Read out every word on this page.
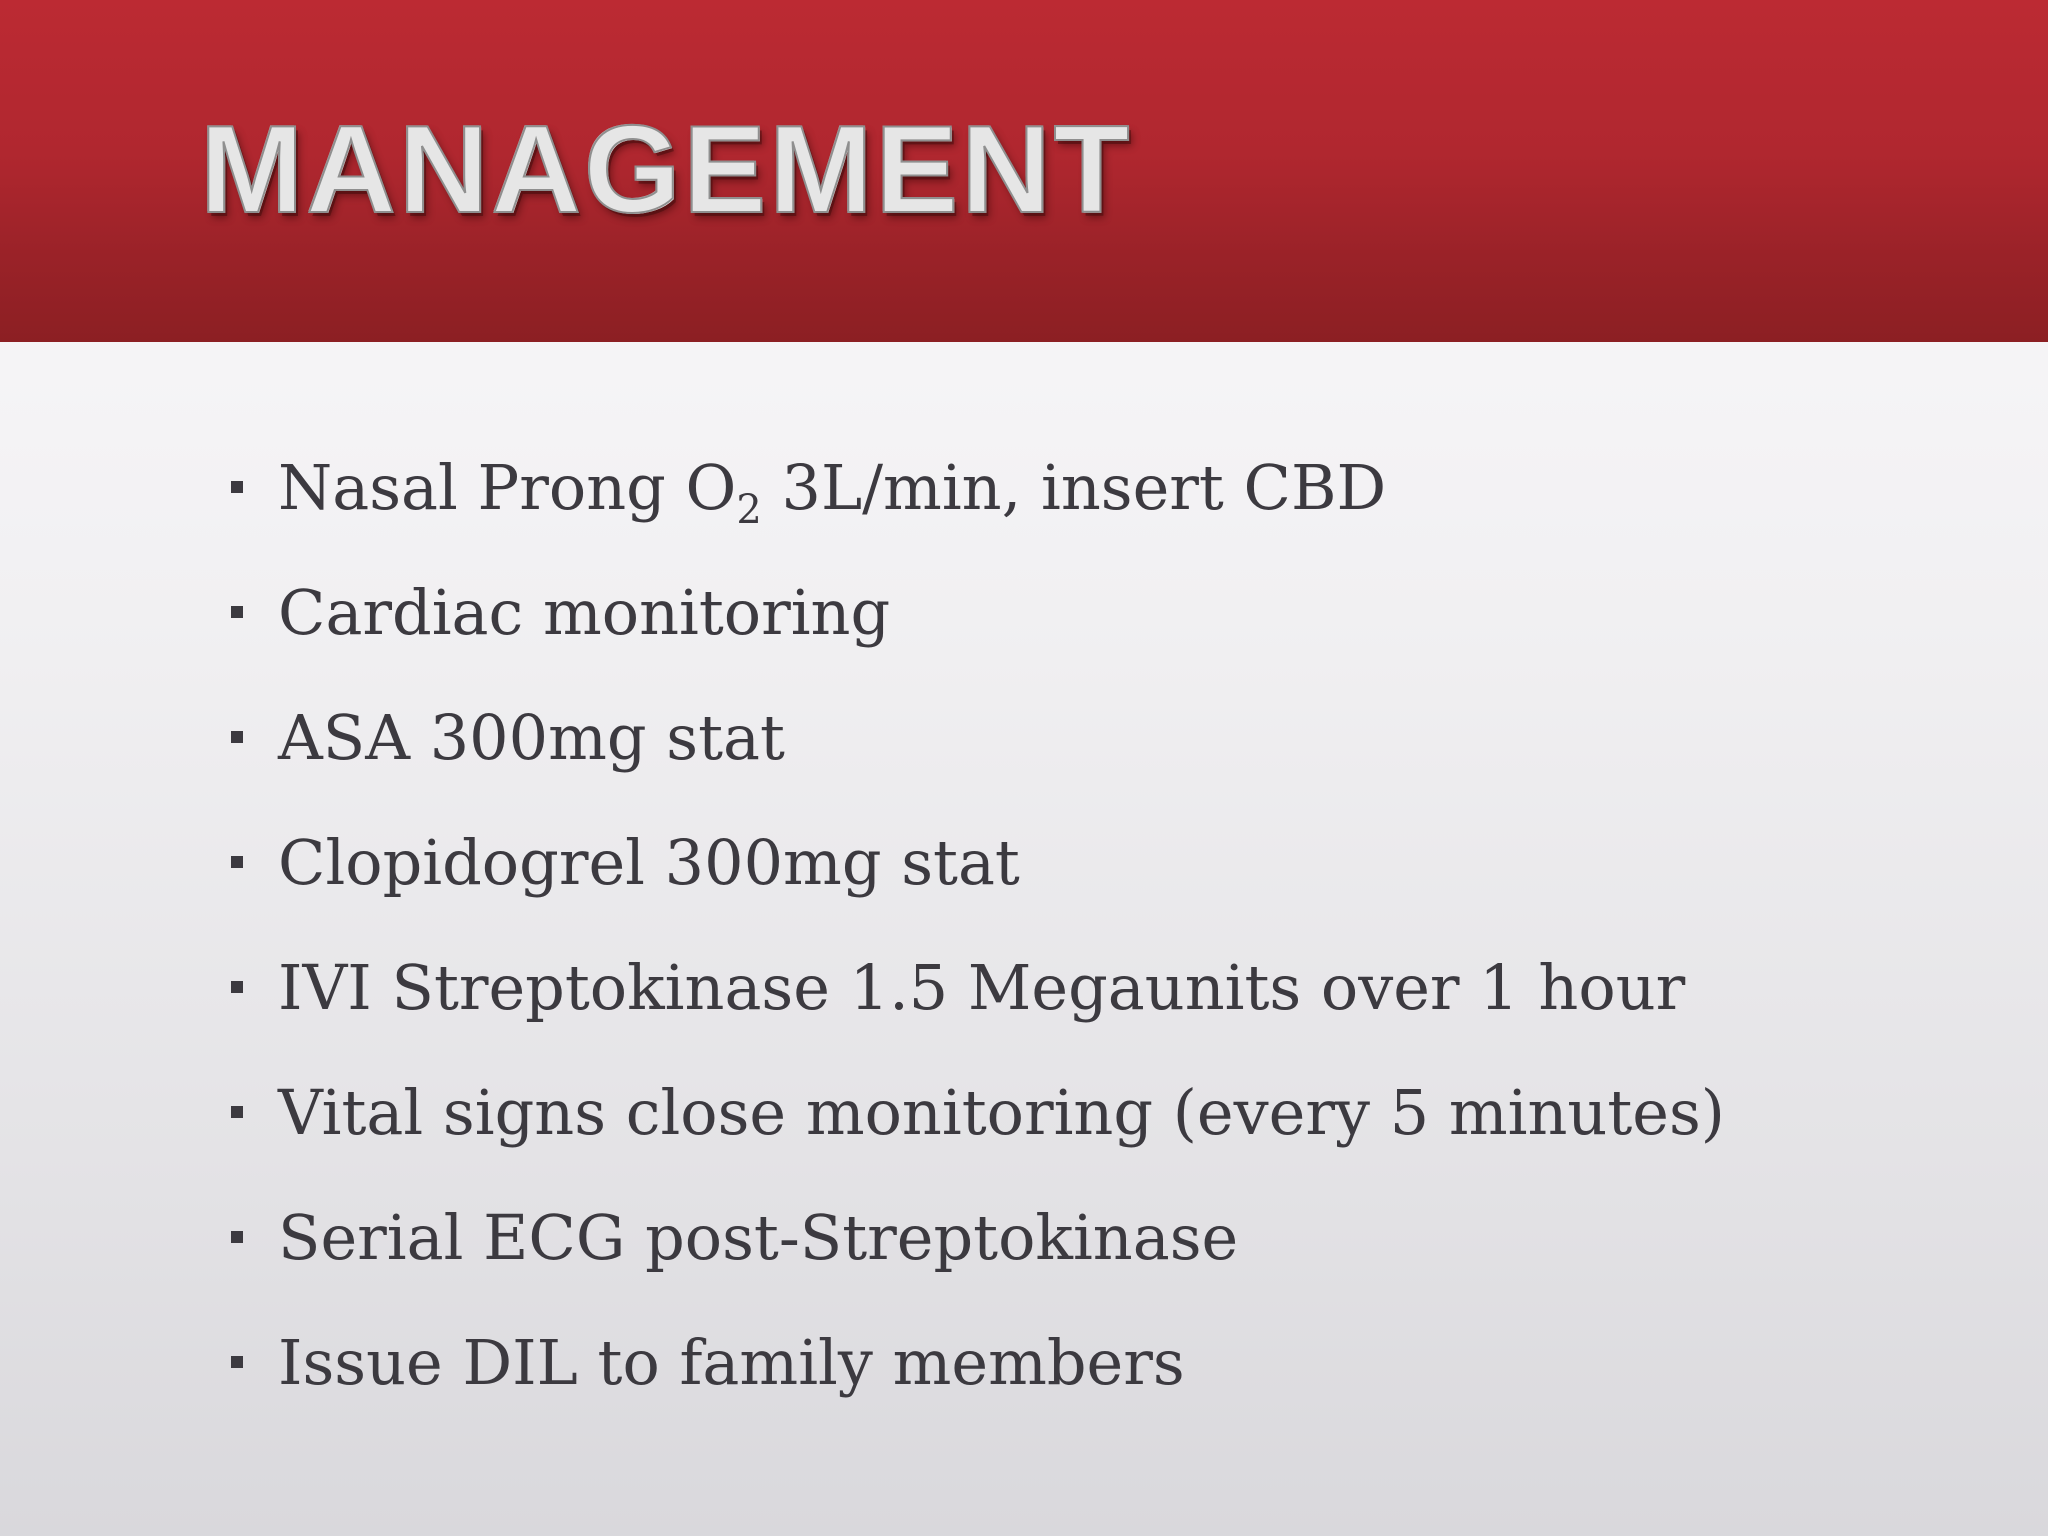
MANAGEMENT
Nasal Prong $O_2$ 3L/min, insert CBD
Cardiac monitoring
ASA 300mg stat
Clopidogrel 300mg stat
IVI Streptokinase 1.5 Megaunits over 1 hour
Vital signs close monitoring (every 5 minutes)
Serial ECG post-Streptokinase
Issue DIL to family members
